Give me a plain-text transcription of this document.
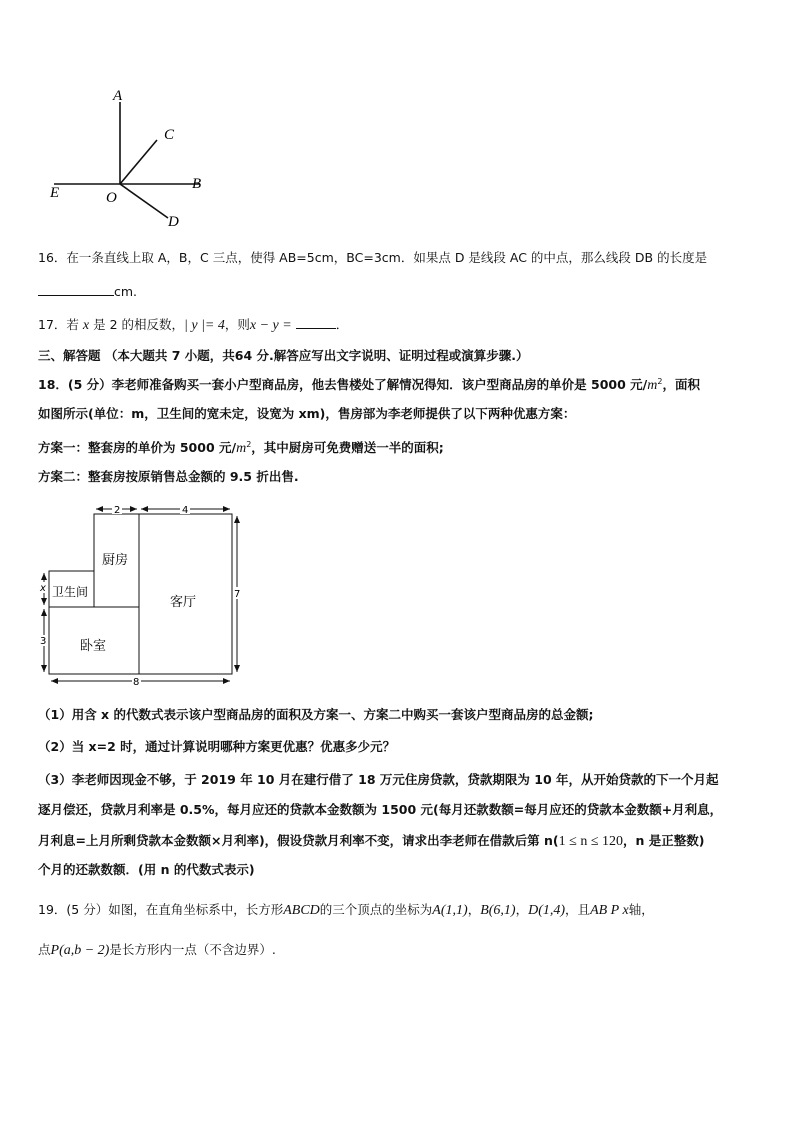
A
C
E	O
B
D
16．在一条直线上取 A，B，C 三点，使得 AB=5cm，BC=3cm．如果点 D 是线段 AC 的中点，那么线段 DB 的长度是
cm.
17．若 x 是 2 的相反数，| y |= 4，则x − y =	．
三、解答题 （本大题共 7 小题，共64 分.解答应写出文字说明、证明过程或演算步骤.）
18．(5 分）李老师准备购买一套小户型商品房，他去售楼处了解情况得知．该户型商品房的单价是 5000 元$/m^2$，面积
如图所示(单位：m，卫生间的宽未定，设宽为 xm)，售房部为李老师提供了以下两种优惠方案：
方案一：整套房的单价为 5000 元$/m^2$，其中厨房可免费赠送一半的面积;
方案二：整套房按原销售总金额的 9.5 折出售.
2	4
7
x
3
8
厨房
卫生间
客厅
卧室
（1）用含 x 的代数式表示该户型商品房的面积及方案一、方案二中购买一套该户型商品房的总金额;
（2）当 x=2 时，通过计算说明哪种方案更优惠？优惠多少元？
（3）李老师因现金不够，于 2019 年 10 月在建行借了 18 万元住房贷款，贷款期限为 10 年，从开始贷款的下一个月起
逐月偿还，贷款月利率是 0.5%，每月应还的贷款本金数额为 1500 元(每月还款数额=每月应还的贷款本金数额+月利息，
月利息=上月所剩贷款本金数额×月利率)，假设贷款月利率不变，请求出李老师在借款后第 n(1 ≤ n ≤ 120，n 是正整数)
个月的还款数额．(用 n 的代数式表示)
19．(5 分）如图，在直角坐标系中，长方形ABCD的三个顶点的坐标为A(1,1)，B(6,1)，D(1,4)，且AB P x轴，
点P(a,b − 2)是长方形内一点（不含边界）.
